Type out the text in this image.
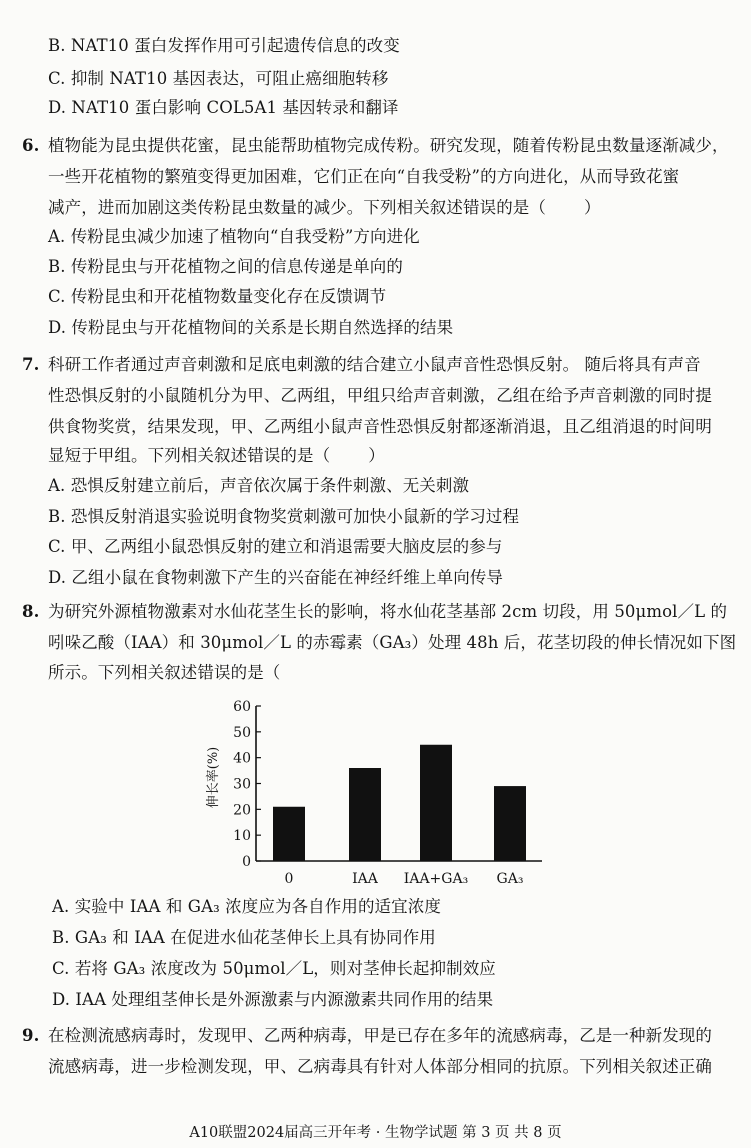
B. NAT10 蛋白发挥作用可引起遗传信息的改变
C. 抑制 NAT10 基因表达，可阻止癌细胞转移
D. NAT10 蛋白影响 COL5A1 基因转录和翻译
6. 植物能为昆虫提供花蜜，昆虫能帮助植物完成传粉。研究发现，随着传粉昆虫数量逐渐减少，
一些开花植物的繁殖变得更加困难，它们正在向“自我受粉”的方向进化，从而导致花蜜
减产，进而加剧这类传粉昆虫数量的减少。下列相关叙述错误的是（ ）
A. 传粉昆虫减少加速了植物向“自我受粉”方向进化
B. 传粉昆虫与开花植物之间的信息传递是单向的
C. 传粉昆虫和开花植物数量变化存在反馈调节
D. 传粉昆虫与开花植物间的关系是长期自然选择的结果
7. 科研工作者通过声音刺激和足底电刺激的结合建立小鼠声音性恐惧反射。 随后将具有声音
性恐惧反射的小鼠随机分为甲、乙两组，甲组只给声音刺激，乙组在给予声音刺激的同时提
供食物奖赏，结果发现，甲、乙两组小鼠声音性恐惧反射都逐渐消退，且乙组消退的时间明
显短于甲组。下列相关叙述错误的是（ ）
A. 恐惧反射建立前后，声音依次属于条件刺激、无关刺激
B. 恐惧反射消退实验说明食物奖赏刺激可加快小鼠新的学习过程
C. 甲、乙两组小鼠恐惧反射的建立和消退需要大脑皮层的参与
D. 乙组小鼠在食物刺激下产生的兴奋能在神经纤维上单向传导
8. 为研究外源植物激素对水仙花茎生长的影响，将水仙花茎基部 2cm 切段，用 50μmol／L 的
吲哚乙酸（IAA）和 30μmol／L 的赤霉素（GA₃）处理 48h 后，花茎切段的伸长情况如下图
所示。下列相关叙述错误的是（
0
10
20
30
40
50
60
伸长率(%)
0	IAA IAA+GA₃ GA₃
A. 实验中 IAA 和 GA₃ 浓度应为各自作用的适宜浓度
B. GA₃ 和 IAA 在促进水仙花茎伸长上具有协同作用
C. 若将 GA₃ 浓度改为 50μmol／L，则对茎伸长起抑制效应
D. IAA 处理组茎伸长是外源激素与内源激素共同作用的结果
9. 在检测流感病毒时，发现甲、乙两种病毒，甲是已存在多年的流感病毒，乙是一种新发现的
流感病毒，进一步检测发现，甲、乙病毒具有针对人体部分相同的抗原。下列相关叙述正确
A10联盟2024届高三开年考 · 生物学试题 第 3 页 共 8 页
